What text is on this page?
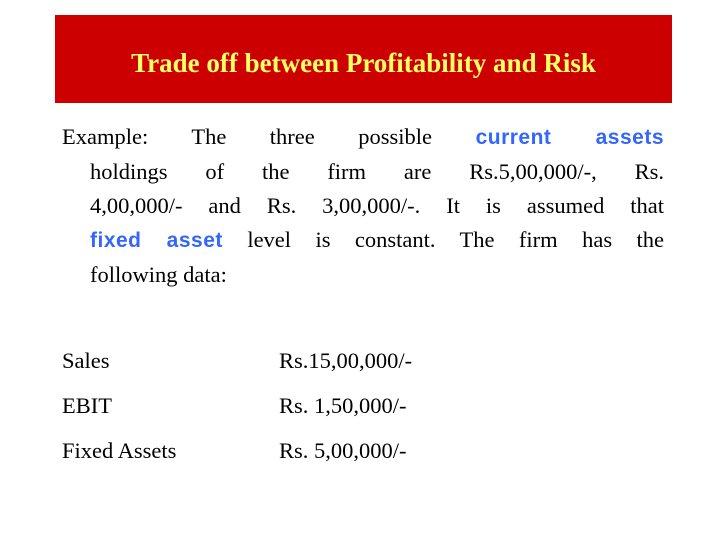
Trade off between Profitability and Risk
Example: The three possible current assets
holdings of the firm are Rs.5,00,000/-, Rs.
4,00,000/- and Rs. 3,00,000/-. It is assumed that
fixed asset level is constant. The firm has the
following data:
Sales	Rs.15,00,000/-
EBIT	Rs. 1,50,000/-
Fixed Assets	Rs. 5,00,000/-
